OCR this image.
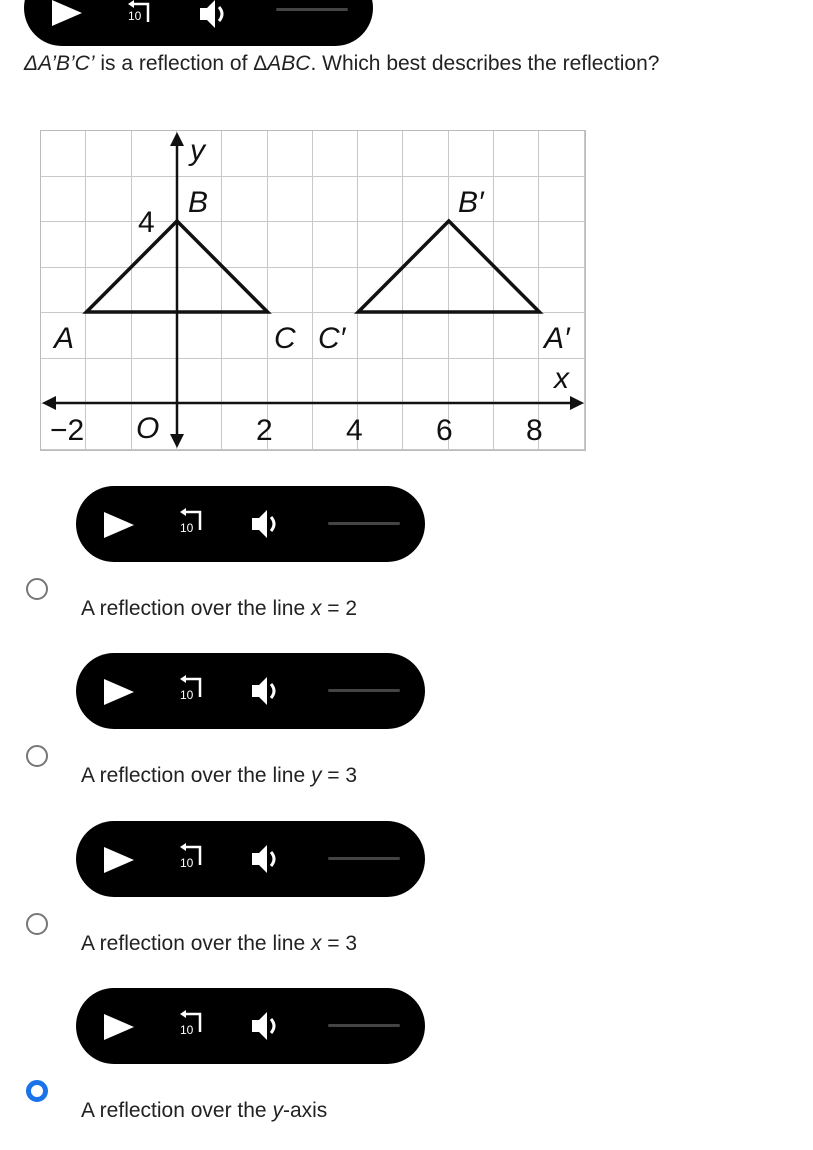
10
ΔA’B’C’ is a reflection of ΔABC. Which best describes the reflection?
y
x
O
B
A	C C′
B′
A′
4
−2	2 4 6 8
10
A reflection over the line x = 2
10
A reflection over the line y = 3
10
A reflection over the line x = 3
10
A reflection over the y-axis
